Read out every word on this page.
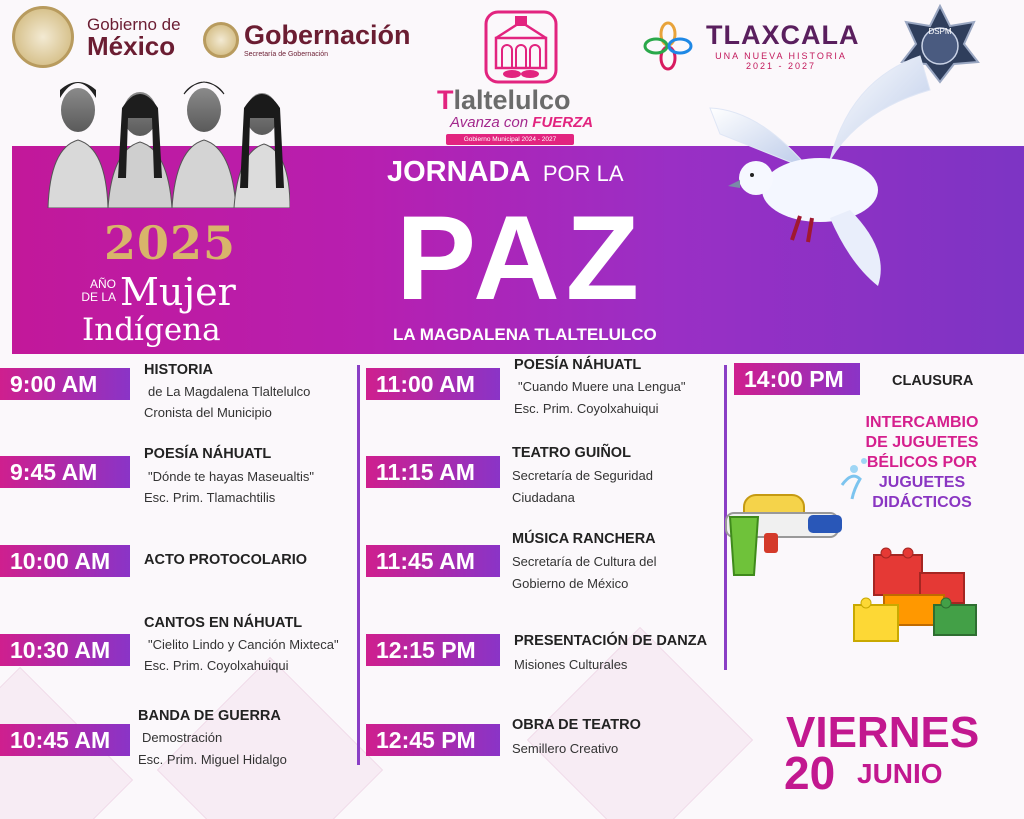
Gobierno de
México	Gobernación
Secretaría de Gobernación
Tlaltelulco
Avanza con FUERZA
Gobierno Municipal 2024 - 2027
TLAXCALA
UNA NUEVA HISTORIA
2021 - 2027
DSPM
2025
AÑO
DE LA Mujer
Indígena
JORNADA POR LA
PAZ
LA MAGDALENA TLALTELULCO
9:00 AM
HISTORIA
de La Magdalena Tlaltelulco
Cronista del Municipio
9:45 AM
POESÍA NÁHUATL
"Dónde te hayas Maseualtis"
Esc. Prim. Tlamachtilis
10:00 AM	ACTO PROTOCOLARIO
10:30 AM
CANTOS EN NÁHUATL
"Cielito Lindo y Canción Mixteca"
Esc. Prim. Coyolxahuiqui
10:45 AM
BANDA DE GUERRA
Demostración
Esc. Prim. Miguel Hidalgo
11:00 AM
POESÍA NÁHUATL
"Cuando Muere una Lengua"
Esc. Prim. Coyolxahuiqui
11:15 AM
TEATRO GUIÑOL
Secretaría de Seguridad
Ciudadana
11:45 AM
MÚSICA RANCHERA
Secretaría de Cultura del
Gobierno de México
12:15 PM	PRESENTACIÓN DE DANZA
Misiones Culturales
12:45 PM
OBRA DE TEATRO
Semillero Creativo
14:00 PM	CLAUSURA
INTERCAMBIO
DE JUGUETES
BÉLICOS POR
JUGUETES
DIDÁCTICOS
VIERNES
20 JUNIO
